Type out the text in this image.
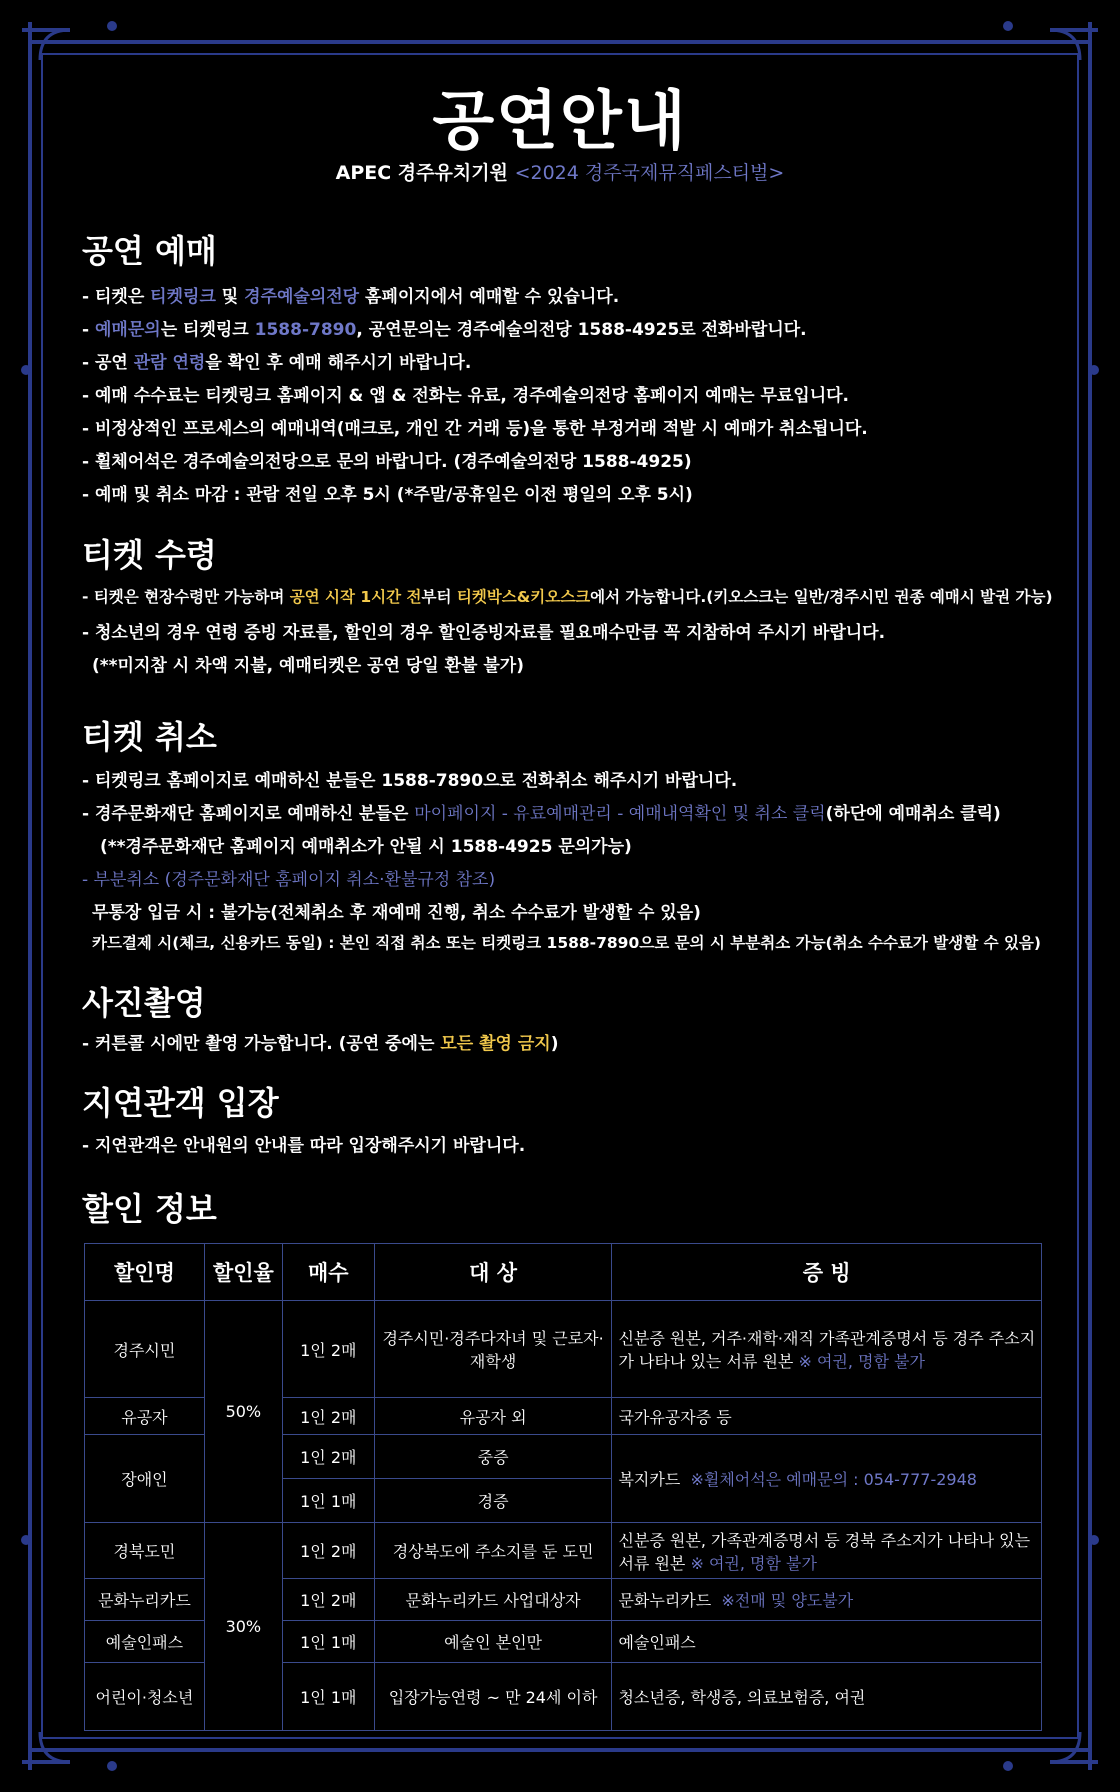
공연안내
APEC 경주유치기원 <2024 경주국제뮤직페스티벌>
공연 예매
- 티켓은 티켓링크 및 경주예술의전당 홈페이지에서 예매할 수 있습니다.
- 예매문의는 티켓링크 1588-7890, 공연문의는 경주예술의전당 1588-4925로 전화바랍니다.
- 공연 관람 연령을 확인 후 예매 해주시기 바랍니다.
- 예매 수수료는 티켓링크 홈페이지 & 앱 & 전화는 유료, 경주예술의전당 홈페이지 예매는 무료입니다.
- 비정상적인 프로세스의 예매내역(매크로, 개인 간 거래 등)을 통한 부정거래 적발 시 예매가 취소됩니다.
- 휠체어석은 경주예술의전당으로 문의 바랍니다. (경주예술의전당 1588-4925)
- 예매 및 취소 마감 : 관람 전일 오후 5시 (*주말/공휴일은 이전 평일의 오후 5시)
티켓 수령
- 티켓은 현장수령만 가능하며 공연 시작 1시간 전부터 티켓박스&키오스크에서 가능합니다.(키오스크는 일반/경주시민 권종 예매시 발권 가능)
- 청소년의 경우 연령 증빙 자료를, 할인의 경우 할인증빙자료를 필요매수만큼 꼭 지참하여 주시기 바랍니다.
(**미지참 시 차액 지불, 예매티켓은 공연 당일 환불 불가)
티켓 취소
- 티켓링크 홈페이지로 예매하신 분들은 1588-7890으로 전화취소 해주시기 바랍니다.
- 경주문화재단 홈페이지로 예매하신 분들은 마이페이지 - 유료예매관리 - 예매내역확인 및 취소 클릭(하단에 예매취소 클릭)
(**경주문화재단 홈페이지 예매취소가 안될 시 1588-4925 문의가능)
- 부분취소 (경주문화재단 홈페이지 취소·환불규정 참조)
무통장 입금 시 : 불가능(전체취소 후 재예매 진행, 취소 수수료가 발생할 수 있음)
카드결제 시(체크, 신용카드 동일) : 본인 직접 취소 또는 티켓링크 1588-7890으로 문의 시 부분취소 가능(취소 수수료가 발생할 수 있음)
사진촬영
- 커튼콜 시에만 촬영 가능합니다. (공연 중에는 모든 촬영 금지)
지연관객 입장
- 지연관객은 안내원의 안내를 따라 입장해주시기 바랍니다.
할인 정보
할인명	할인율	매수	대 상	증 빙
경주시민	50%	1인 2매	경주시민·경주다자녀 및 근로자·재학생	신분증 원본, 거주·재학·재직 가족관계증명서 등 경주 주소지가 나타나 있는 서류 원본 ※ 여권, 명함 불가
유공자		1인 2매	유공자 외	국가유공자증 등
장애인		1인 2매	중증	복지카드 ※휠체어석은 예매문의 : 054-777-2948
		1인 1매	경증	
경북도민	30%	1인 2매	경상북도에 주소지를 둔 도민	신분증 원본, 가족관계증명서 등 경북 주소지가 나타나 있는 서류 원본 ※ 여권, 명함 불가
문화누리카드		1인 2매	문화누리카드 사업대상자	문화누리카드 ※전매 및 양도불가
예술인패스		1인 1매	예술인 본인만	예술인패스
어린이·청소년		1인 1매	입장가능연령 ~ 만 24세 이하	청소년증, 학생증, 의료보험증, 여권
